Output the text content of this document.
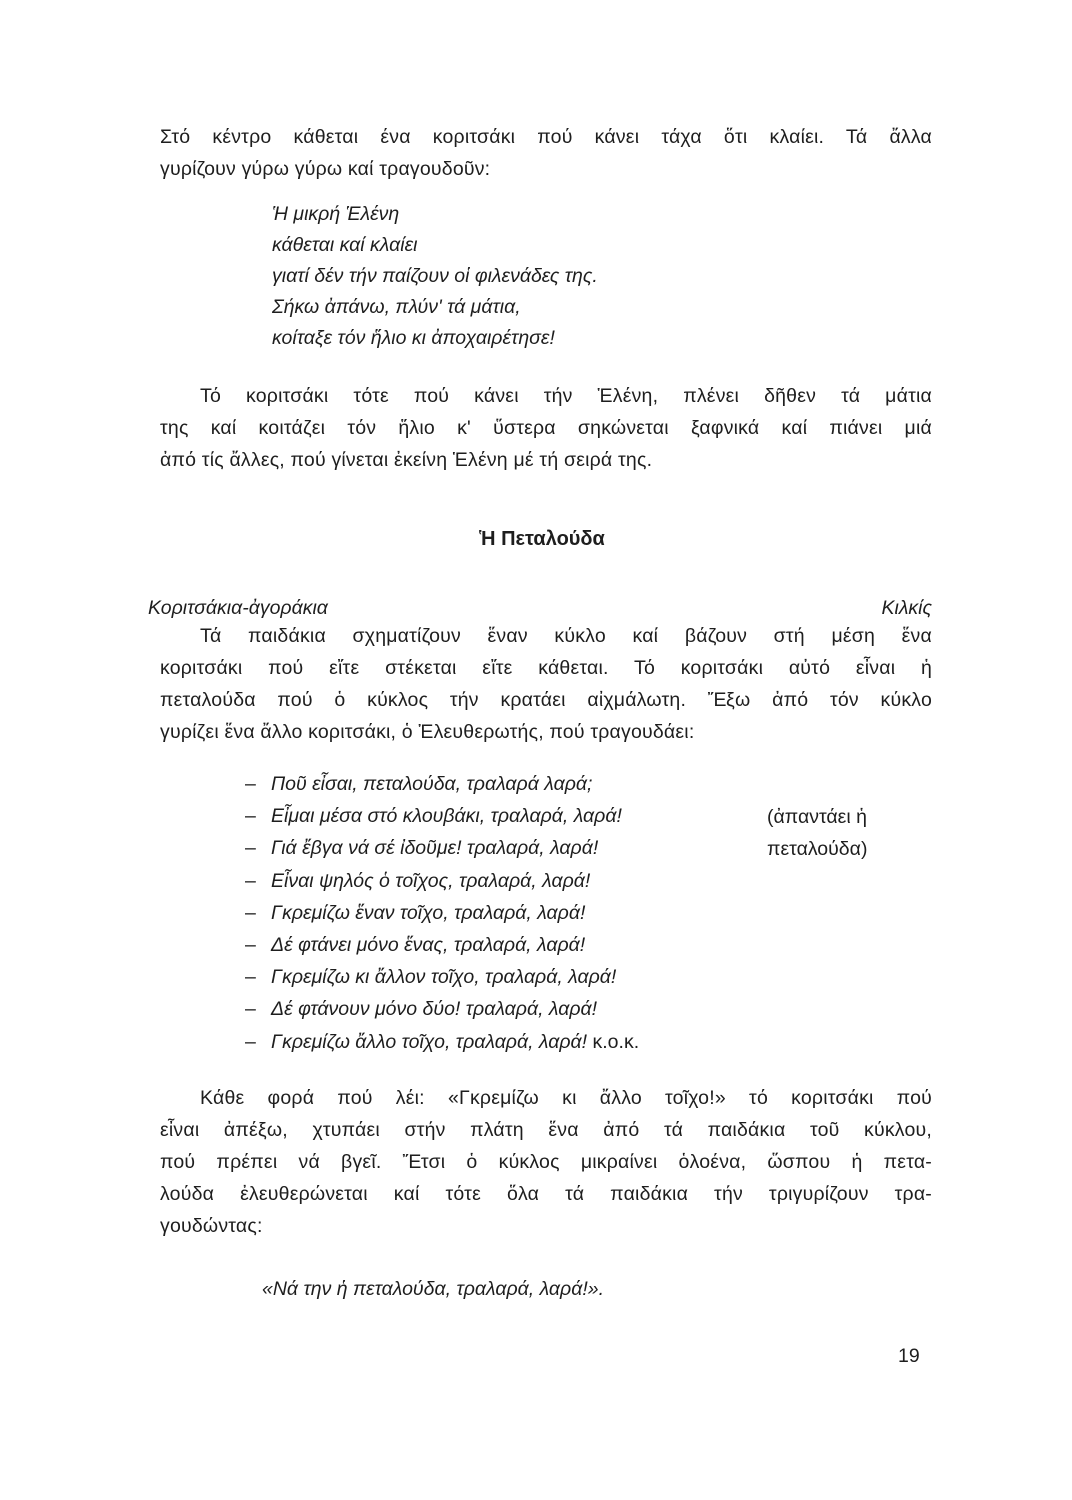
Στό κέντρο κάθεται ένα κοριτσάκι πού κάνει τάχα ὅτι κλαίει. Τά ἄλλα
γυρίζουν γύρω γύρω καί τραγουδοῦν:
Ἡ μικρή Ἑλένη
κάθεται καί κλαίει
γιατί δέν τήν παίζουν οἱ φιλενάδες της.
Σήκω ἀπάνω, πλύν' τά μάτια,
κοίταξε τόν ἥλιο κι ἀποχαιρέτησε!
Τό κοριτσάκι τότε πού κάνει τήν Ἑλένη, πλένει δῆθεν τά μάτια
της καί κοιτάζει τόν ἥλιο κ' ὕστερα σηκώνεται ξαφνικά καί πιάνει μιά
ἀπό τίς ἄλλες, πού γίνεται ἐκείνη Ἑλένη μέ τή σειρά της.
Ἡ Πεταλούδα
Κοριτσάκια-ἀγοράκια	Κιλκίς
Τά παιδάκια σχηματίζουν ἕναν κύκλο καί βάζουν στή μέση ἕνα
κοριτσάκι πού εἴτε στέκεται εἴτε κάθεται. Τό κοριτσάκι αὐτό εἶναι ἡ
πεταλούδα πού ὁ κύκλος τήν κρατάει αἰχμάλωτη. Ἔξω ἀπό τόν κύκλο
γυρίζει ἕνα ἄλλο κοριτσάκι, ὁ Ἐλευθερωτής, πού τραγουδάει:
– Ποῦ εἶσαι, πεταλούδα, τραλαρά λαρά;
– Εἶμαι μέσα στό κλουβάκι, τραλαρά, λαρά!
– Γιά ἔβγα νά σέ ἰδοῦμε! τραλαρά, λαρά!
– Εἶναι ψηλός ὁ τοῖχος, τραλαρά, λαρά!
– Γκρεμίζω ἕναν τοῖχο, τραλαρά, λαρά!
– Δέ φτάνει μόνο ἕνας, τραλαρά, λαρά!
– Γκρεμίζω κι ἄλλον τοῖχο, τραλαρά, λαρά!
– Δέ φτάνουν μόνο δύο! τραλαρά, λαρά!
– Γκρεμίζω ἄλλο τοῖχο, τραλαρά, λαρά! κ.ο.κ.
(ἀπαντάει ἡ
πεταλούδα)
Κάθε φορά πού λέι: «Γκρεμίζω κι ἄλλο τοῖχο!» τό κοριτσάκι πού
εἶναι ἀπέξω, χτυπάει στήν πλάτη ἕνα ἀπό τά παιδάκια τοῦ κύκλου,
πού πρέπει νά βγεῖ. Ἔτσι ὁ κύκλος μικραίνει ὁλοένα, ὥσπου ἡ πετα-
λούδα ἐλευθερώνεται καί τότε ὅλα τά παιδάκια τήν τριγυρίζουν τρα-
γουδώντας:
«Νά την ἡ πεταλούδα, τραλαρά, λαρά!».
19
